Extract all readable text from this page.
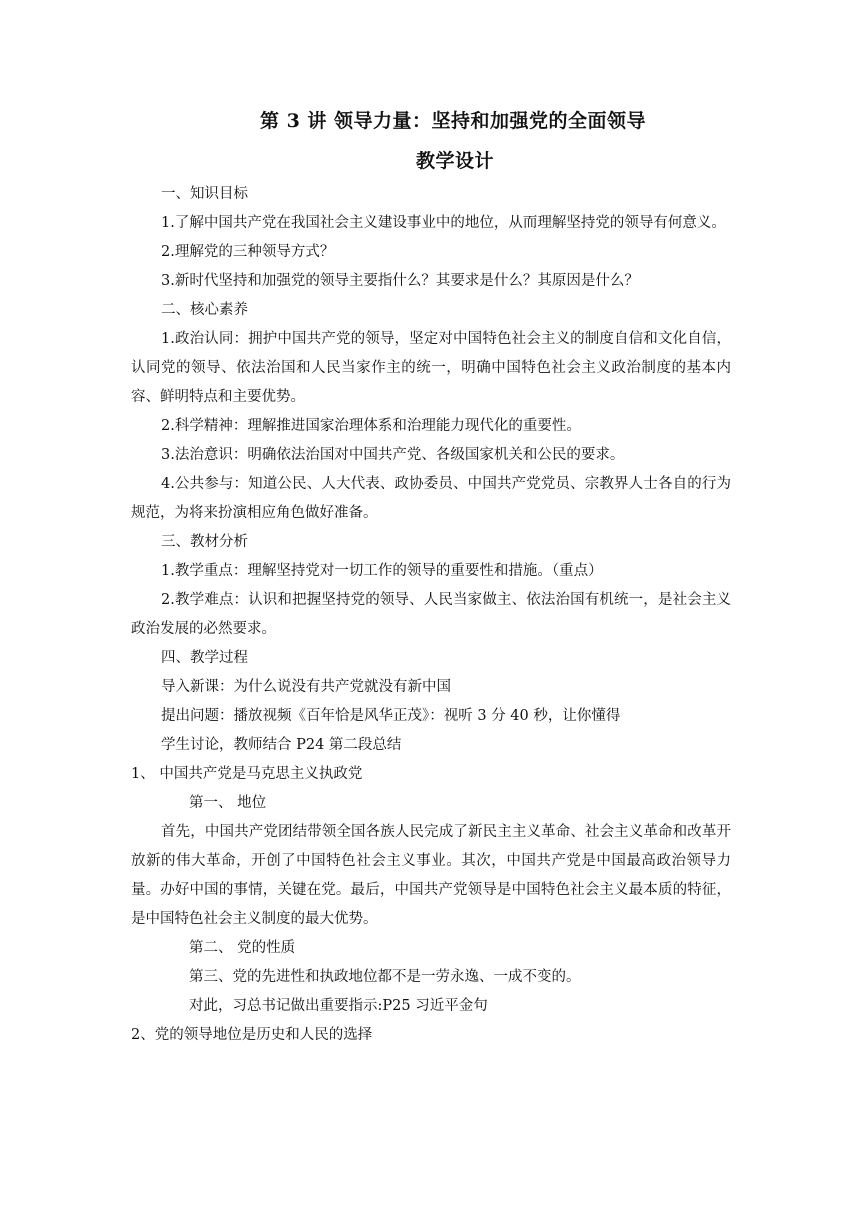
第 3 讲 领导力量：坚持和加强党的全面领导
教学设计

一、知识目标

1.了解中国共产党在我国社会主义建设事业中的地位，从而理解坚持党的领导有何意义。

2.理解党的三种领导方式？

3.新时代坚持和加强党的领导主要指什么？其要求是什么？其原因是什么？

二、核心素养

1.政治认同：拥护中国共产党的领导，坚定对中国特色社会主义的制度自信和文化自信，认同党的领导、依法治国和人民当家作主的统一，明确中国特色社会主义政治制度的基本内容、鲜明特点和主要优势。

2.科学精神：理解推进国家治理体系和治理能力现代化的重要性。

3.法治意识：明确依法治国对中国共产党、各级国家机关和公民的要求。

4.公共参与：知道公民、人大代表、政协委员、中国共产党党员、宗教界人士各自的行为规范，为将来扮演相应角色做好准备。

三、教材分析

1.教学重点：理解坚持党对一切工作的领导的重要性和措施。（重点）

2.教学难点：认识和把握坚持党的领导、人民当家做主、依法治国有机统一，是社会主义政治发展的必然要求。

四、教学过程

导入新课：为什么说没有共产党就没有新中国

提出问题：播放视频《百年恰是风华正茂》：视听 3 分 40 秒，让你懂得

学生讨论，教师结合 P24 第二段总结

1、 中国共产党是马克思主义执政党

第一、 地位

首先，中国共产党团结带领全国各族人民完成了新民主主义革命、社会主义革命和改革开放新的伟大革命，开创了中国特色社会主义事业。其次，中国共产党是中国最高政治领导力量。办好中国的事情，关键在党。最后，中国共产党领导是中国特色社会主义最本质的特征，是中国特色社会主义制度的最大优势。

第二、 党的性质

第三、党的先进性和执政地位都不是一劳永逸、一成不变的。

对此，习总书记做出重要指示:P25 习近平金句

2、党的领导地位是历史和人民的选择
